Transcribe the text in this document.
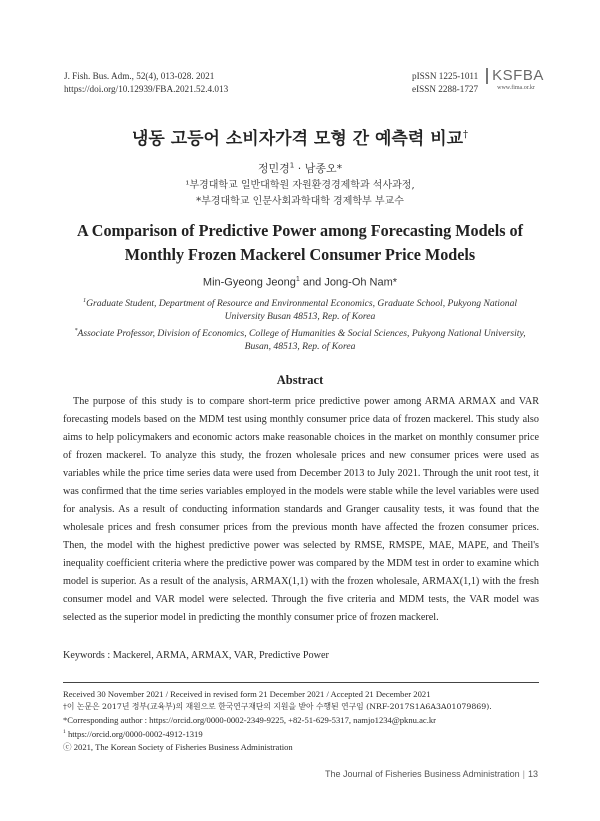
J. Fish. Bus. Adm., 52(4), 013-028. 2021
https://doi.org/10.12939/FBA.2021.52.4.013
pISSN 1225-1011
eISSN 2288-1727
KSFBA
www.fima.or.kr
냉동 고등어 소비자가격 모형 간 예측력 비교†
정민경$^1$ · 남종오*
¹부경대학교 일반대학원 자원환경경제학과 석사과정,
*부경대학교 인문사회과학대학 경제학부 부교수
A Comparison of Predictive Power among Forecasting Models of Monthly Frozen Mackerel Consumer Price Models
Min-Gyeong Jeong$^1$ and Jong-Oh Nam*
$^1$Graduate Student, Department of Resource and Environmental Economics, Graduate School, Pukyong National University Busan 48513, Rep. of Korea
*Associate Professor, Division of Economics, College of Humanities & Social Sciences, Pukyong National University, Busan, 48513, Rep. of Korea
Abstract
The purpose of this study is to compare short-term price predictive power among ARMA ARMAX and VAR forecasting models based on the MDM test using monthly consumer price data of frozen mackerel. This study also aims to help policymakers and economic actors make reasonable choices in the market on monthly consumer price of frozen mackerel. To analyze this study, the frozen wholesale prices and new consumer prices were used as variables while the price time series data were used from December 2013 to July 2021. Through the unit root test, it was confirmed that the time series variables employed in the models were stable while the level variables were used for analysis. As a result of conducting information standards and Granger causality tests, it was found that the wholesale prices and fresh consumer prices from the previous month have affected the frozen consumer prices. Then, the model with the highest predictive power was selected by RMSE, RMSPE, MAE, MAPE, and Theil's inequality coefficient criteria where the predictive power was compared by the MDM test in order to examine which model is superior. As a result of the analysis, ARMAX(1,1) with the frozen wholesale, ARMAX(1,1) with the fresh consumer model and VAR model were selected. Through the five criteria and MDM tests, the VAR model was selected as the superior model in predicting the monthly consumer price of frozen mackerel.
Keywords : Mackerel, ARMA, ARMAX, VAR, Predictive Power
Received 30 November 2021 / Received in revised form 21 December 2021 / Accepted 21 December 2021
†이 논문은 2017년 정부(교육부)의 재원으로 한국연구재단의 지원을 받아 수행된 연구임 (NRF-2017S1A6A3A01079869).
*Corresponding author : https://orcid.org/0000-0002-2349-9225, +82-51-629-5317, namjo1234@pknu.ac.kr
$^1$ https://orcid.org/0000-0002-4912-1319
ⓒ 2021, The Korean Society of Fisheries Business Administration
The Journal of Fisheries Business Administration | 13
